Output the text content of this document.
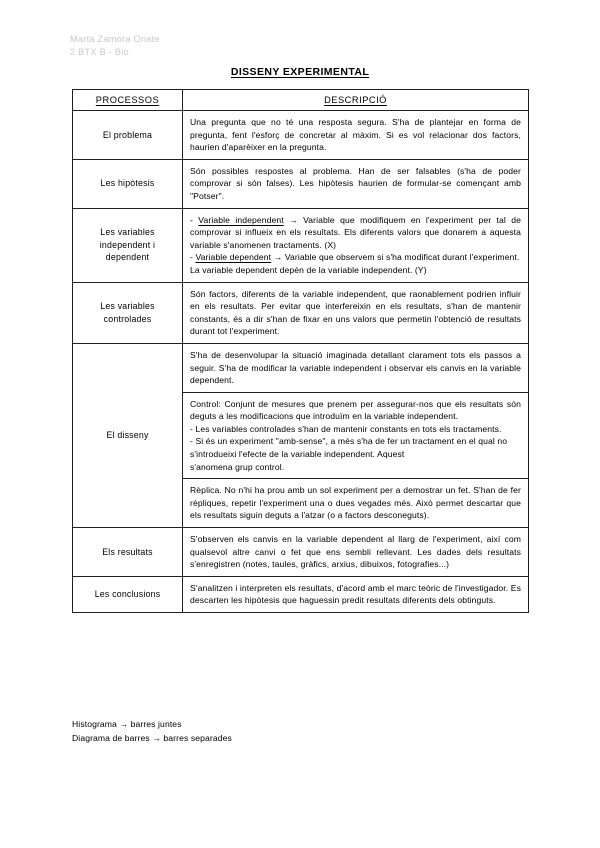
Marta Zamora Onate
2 BTX B - Bio
DISSENY EXPERIMENTAL
PROCESSOS	DESCRIPCIÓ
El problema	Una pregunta que no té una resposta segura. S'ha de plantejar en forma de pregunta, fent l'esforç de concretar al màxim. Si es vol relacionar dos factors, haurien d'aparèixer en la pregunta.
Les hipòtesis	Són possibles respostes al problema. Han de ser falsables (s'ha de poder comprovar si són falses). Les hipòtesis haurien de formular-se començant amb "Potser".
Les variables independent i dependent	- Variable independent → Variable que modifiquem en l'experiment per tal de comprovar si influeix en els resultats. Els diferents valors que donarem a aquesta variable s'anomenen tractaments. (X)

- Variable dependent → Variable que observem si s'ha modificat durant l'experiment. La variable dependent depèn de la variable independent. (Y)

Les variables controlades	Són factors, diferents de la variable independent, que raonablement podrien influir en els resultats. Per evitar que interfereixin en els resultats, s'han de mantenir constants, és a dir s'han de fixar en uns valors que permetin l'obtenció de resultats durant tot l'experiment.
El disseny	S'ha de desenvolupar la situació imaginada detallant clarament tots els passos a seguir. S'ha de modificar la variable independent i observar els canvis en la variable dependent.

	Control: Conjunt de mesures que prenem per assegurar-nos que els resultats són deguts a les modificacions que introduïm en la variable independent.

- Les variables controlades s'han de mantenir constants en tots els tractaments.

- Si és un experiment "amb-sense", a més s'ha de fer un tractament en el qual no s'introdueixi l'efecte de la variable independent. Aquest

s'anomena grup control.

	Rèplica. No n'hi ha prou amb un sol experiment per a demostrar un fet. S'han de fer rèpliques, repetir l'experiment una o dues vegades més. Això permet descartar que els resultats siguin deguts a l'atzar (o a factors desconeguts).
Els resultats	S'observen els canvis en la variable dependent al llarg de l'experiment, així com qualsevol altre canvi o fet que ens sembli rellevant. Les dades dels resultats s'enregistren (notes, taules, gràfics, arxius, dibuixos, fotografies...)
Les conclusions	S'analitzen i interpreten els resultats, d'acord amb el marc teòric de l'investigador. Es descarten les hipòtesis que haguessin predit resultats diferents dels obtinguts.
Histograma → barres juntes
Diagrama de barres → barres separades
